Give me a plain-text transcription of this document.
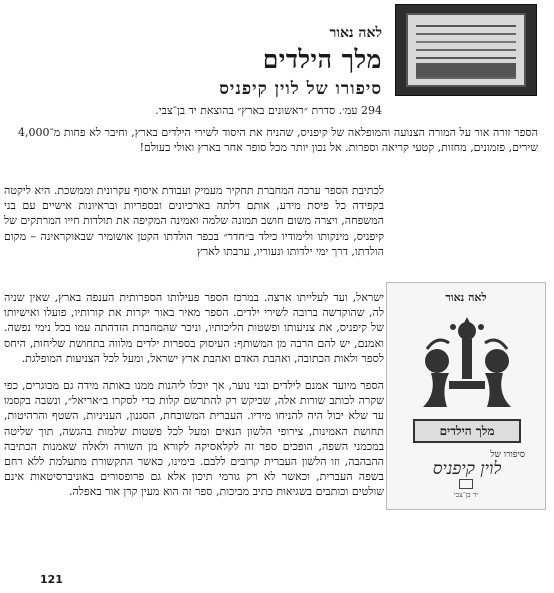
לאה נאור
מלך הילדים
סיפורו של לוין קיפניס
294 עמ׳. סדרת ״ראשונים בארץ״ בהוצאת יד בן־צבי.

הספר זורה אור על המורה הצנועה והמופלאה של קיפניס, שהניח את היסוד לשירי הילדים בארץ, וחיבר לא פחות מ־4,000 שירים, פזמונים, מחזות, קטעי קריאה וספרות. אל נכון יותר מכל סופר אחר בארץ ואולי בעולם!

לכתיבת הספר ערכה המחברת תחקיר מעמיק ועבודת איסוף עקרונית וממשכת. היא ליקטה בקפידה כל פיסת מידע, אותם דלתה בארכיונים ובספריות ובראיונות אישיים עם בני המשפחה, ויצרה משום חושב תמונה שלמה ואמינה המקיפה את תולדות חייו המרתקים של קיפניס, מינקותו ולימודיו כילד ב״חדר״ בכפר הולדתו הקטן אושומיר שבאוקראינה – מקום הולדתו, דרך ימי ילדותו ונעוריו, ערבתו לארץ

ישראל, ועד לעלייתו ארצה. במרכז הספר פעילותו הספרותית הענפה בארץ, שאין שניה לה, שהוקדשה ברובה לשירי ילדים. הספר מאיר באור יקרות את קורותיו, פועלו ואישיותו של קיפניס, את צניעותו ופשטות הליכותיו, וניכר שהמחברת הזדהתה עמו בכל נימי נפשה. ואמנם, יש להם הרבה מן המשותף: העיסוק בספרות ילדים מלווה בתחושת שליחות, היחס לספר ולאות הכתובה, ואהבת האדם ואהבת ארץ ישראל, ומעל לכל הצניעות המופלגת.

הספר מיועד אמנם לילדים ובני נוער, אך יוכלו ליהנות ממנו באותה מידה גם מבוגרים, כפי שקרה לכותב שורות אלה, שביקש רק להתרשם קלות כדי לסקרו ב״אריאל״, ונשבה בקסמו עד שלא יכול היה להניחו מידיו. העברית המשובחת, הסגנון, העניניות, השטף והרהיטות, תחושת האמינות, צירופי הלשון הנאים ומעל לכל פשטות שלמות בהגשה, תוך שליטה במכמני השפה, הופכים ספר זה לקלאסיקה לקורא מן השורה ולאלה שאמנות הכתיבה ההבהבה, וזו הלשון העברית קרובים ללבם. בימינו, כאשר התקשורת מתעלמת ללא רחם בשפה העברית, וכאשר לא רק גורמי תיכון אלא גם פרופסורים באוניברסיטאות אינם שולטים וכותבים בשגיאות כתיב מביכות, ספר זה הוא מעין קרן אור באפלה.

לאה נאור
מלך הילדים
סיפורו של
לוין קיפניס
יד בן־צבי
121
